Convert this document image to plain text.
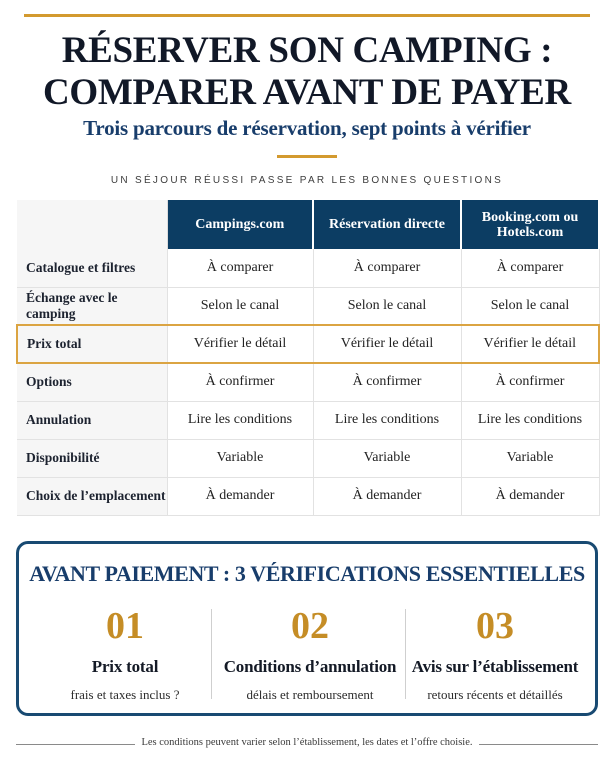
RÉSERVER SON CAMPING :
COMPARER AVANT DE PAYER
Trois parcours de réservation, sept points à vérifier
UN SÉJOUR RÉUSSI PASSE PAR LES BONNES QUESTIONS
	Campings.com	Réservation directe	Booking.com ou Hotels.com
Catalogue et filtres	À comparer	À comparer	À comparer
Échange avec le camping	Selon le canal	Selon le canal	Selon le canal
Prix total	Vérifier le détail	Vérifier le détail	Vérifier le détail
Options	À confirmer	À confirmer	À confirmer
Annulation	Lire les conditions	Lire les conditions	Lire les conditions
Disponibilité	Variable	Variable	Variable
Choix de l’emplacement	À demander	À demander	À demander
AVANT PAIEMENT : 3 VÉRIFICATIONS ESSENTIELLES
01
Prix total
frais et taxes inclus ?
02
Conditions d’annulation
délais et remboursement
03
Avis sur l’établissement
retours récents et détaillés
Les conditions peuvent varier selon l’établissement, les dates et l’offre choisie.
